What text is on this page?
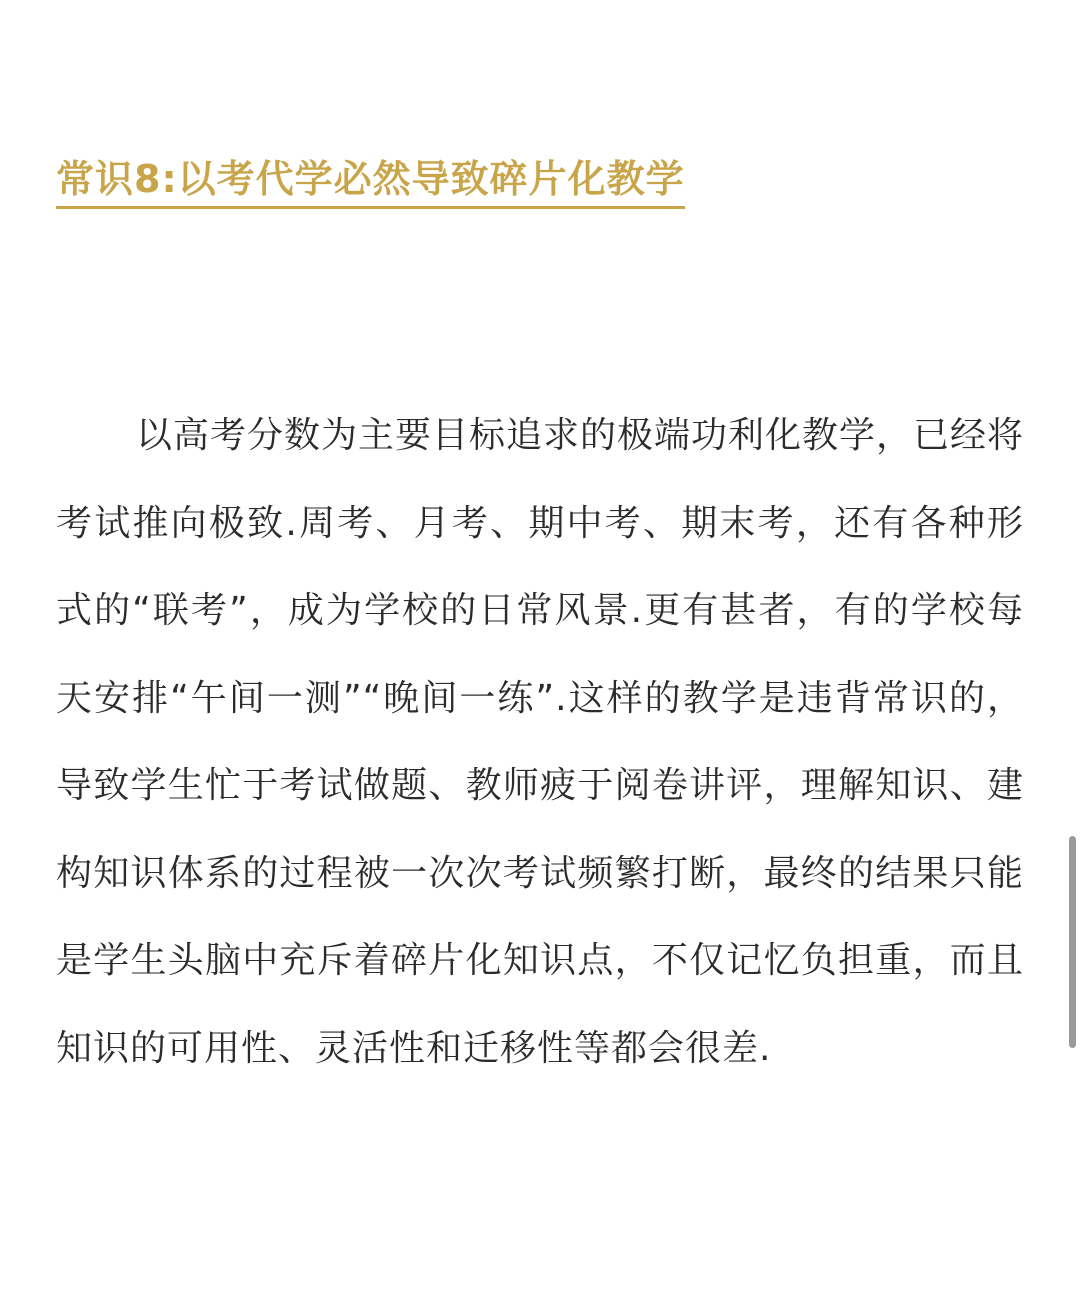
常识8:以考代学必然导致碎片化教学

以高考分数为主要目标追求的极端功利化教学，已经将考试推向极致.周考、月考、期中考、期末考，还有各种形式的“联考”，成为学校的日常风景.更有甚者，有的学校每天安排“午间一测”“晚间一练”.这样的教学是违背常识的，导致学生忙于考试做题、教师疲于阅卷讲评，理解知识、建构知识体系的过程被一次次考试频繁打断，最终的结果只能是学生头脑中充斥着碎片化知识点，不仅记忆负担重，而且知识的可用性、灵活性和迁移性等都会很差.
